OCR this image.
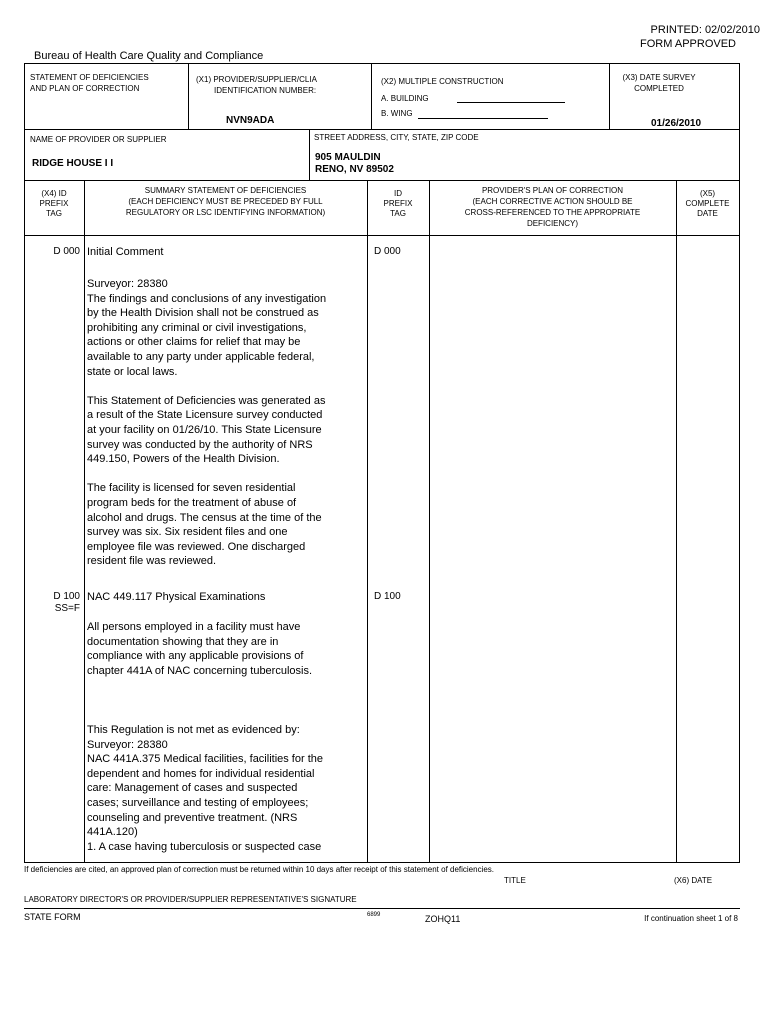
PRINTED: 02/02/2010
FORM APPROVED
Bureau of Health Care Quality and Compliance
STATEMENT OF DEFICIENCIES
AND PLAN OF CORRECTION
(X1) PROVIDER/SUPPLIER/CLIA
IDENTIFICATION NUMBER:
NVN9ADA
(X2) MULTIPLE CONSTRUCTION
A. BUILDING
B. WING
(X3) DATE SURVEY
COMPLETED
01/26/2010
NAME OF PROVIDER OR SUPPLIER
RIDGE HOUSE I I
STREET ADDRESS, CITY, STATE, ZIP CODE
905 MAULDIN
RENO, NV 89502
(X4) ID
PREFIX
TAG
SUMMARY STATEMENT OF DEFICIENCIES
(EACH DEFICIENCY MUST BE PRECEDED BY FULL
REGULATORY OR LSC IDENTIFYING INFORMATION)
ID
PREFIX
TAG
PROVIDER'S PLAN OF CORRECTION
(EACH CORRECTIVE ACTION SHOULD BE
CROSS-REFERENCED TO THE APPROPRIATE
DEFICIENCY)
(X5)
COMPLETE
DATE
D 000 Initial Comment	D 000
Surveyor: 28380
The findings and conclusions of any investigation
by the Health Division shall not be construed as
prohibiting any criminal or civil investigations,
actions or other claims for relief that may be
available to any party under applicable federal,
state or local laws.
This Statement of Deficiencies was generated as
a result of the State Licensure survey conducted
at your facility on 01/26/10. This State Licensure
survey was conducted by the authority of NRS
449.150, Powers of the Health Division.
The facility is licensed for seven residential
program beds for the treatment of abuse of
alcohol and drugs. The census at the time of the
survey was six. Six resident files and one
employee file was reviewed. One discharged
resident file was reviewed.
D 100
SS=F
NAC 449.117 Physical Examinations	D 100
All persons employed in a facility must have
documentation showing that they are in
compliance with any applicable provisions of
chapter 441A of NAC concerning tuberculosis.
This Regulation is not met as evidenced by:
Surveyor: 28380
NAC 441A.375 Medical facilities, facilities for the
dependent and homes for individual residential
care: Management of cases and suspected
cases; surveillance and testing of employees;
counseling and preventive treatment. (NRS
441A.120)
1. A case having tuberculosis or suspected case
If deficiencies are cited, an approved plan of correction must be returned within 10 days after receipt of this statement of deficiencies.
TITLE	(X6) DATE
LABORATORY DIRECTOR'S OR PROVIDER/SUPPLIER REPRESENTATIVE'S SIGNATURE
STATE FORM	6899	ZOHQ11	If continuation sheet 1 of 8
